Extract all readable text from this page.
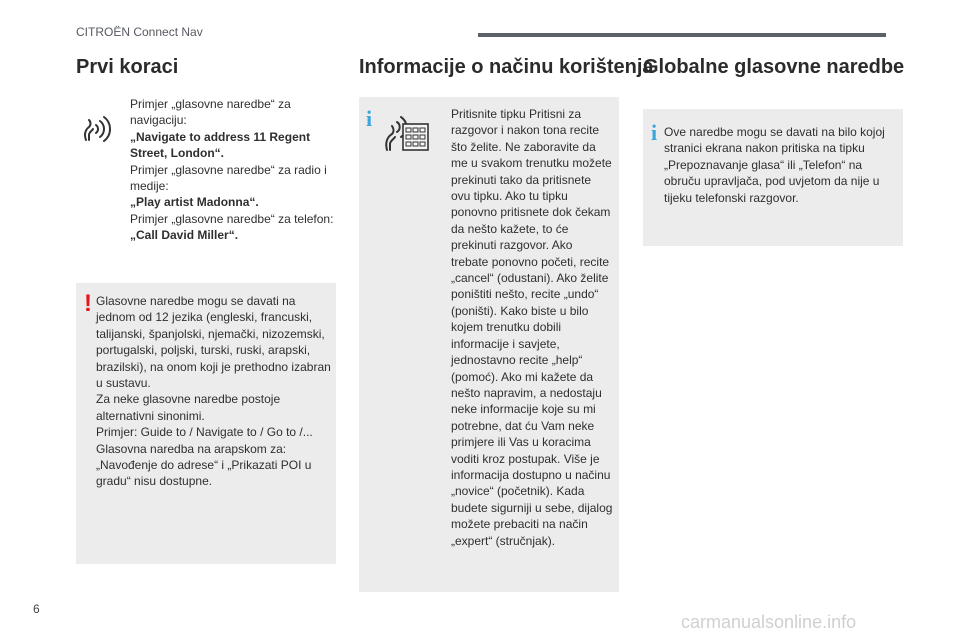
CITROËN Connect Nav
Prvi koraci

Primjer „glasovne naredbe“ za navigaciju:

„Navigate to address 11 Regent Street, London“.

Primjer „glasovne naredbe“ za radio i medije:

„Play artist Madonna“.

Primjer „glasovne naredbe“ za telefon:

„Call David Miller“.

Glasovne naredbe mogu se davati na jednom od 12 jezika (engleski, francuski, talijanski, španjolski, njemački, nizozemski, portugalski, poljski, turski, ruski, arapski, brazilski), na onom koji je prethodno izabran u sustavu.

Za neke glasovne naredbe postoje alternativni sinonimi.

Primjer: Guide to / Navigate to / Go to /...

Glasovna naredba na arapskom za: „Navođenje do adrese“ i „Prikazati POI u gradu“ nisu dostupne.

!
Informacije o načinu korištenja

Pritisnite tipku Pritisni za razgovor i nakon tona recite što želite. Ne zaboravite da me u svakom trenutku možete prekinuti tako da pritisnete ovu tipku. Ako tu tipku ponovno pritisnete dok čekam da nešto kažete, to će prekinuti razgovor. Ako trebate ponovno početi, recite „cancel“ (odustani). Ako želite poništiti nešto, recite „undo“ (poništi). Kako biste u bilo kojem trenutku dobili informacije i savjete, jednostavno recite „help“ (pomoć). Ako mi kažete da nešto napravim, a nedostaju neke informacije koje su mi potrebne, dat ću Vam neke primjere ili Vas u koracima voditi kroz postupak. Više je informacija dostupno u načinu „novice“ (početnik). Kada budete sigurniji u sebe, dijalog možete prebaciti na način „expert“ (stručnjak).

i
Globalne glasovne naredbe

Ove naredbe mogu se davati na bilo kojoj stranici ekrana nakon pritiska na tipku „Prepoznavanje glasa“ ili „Telefon“ na obruču upravljača, pod uvjetom da nije u tijeku telefonski razgovor.

i
6
carmanualsonline.info
